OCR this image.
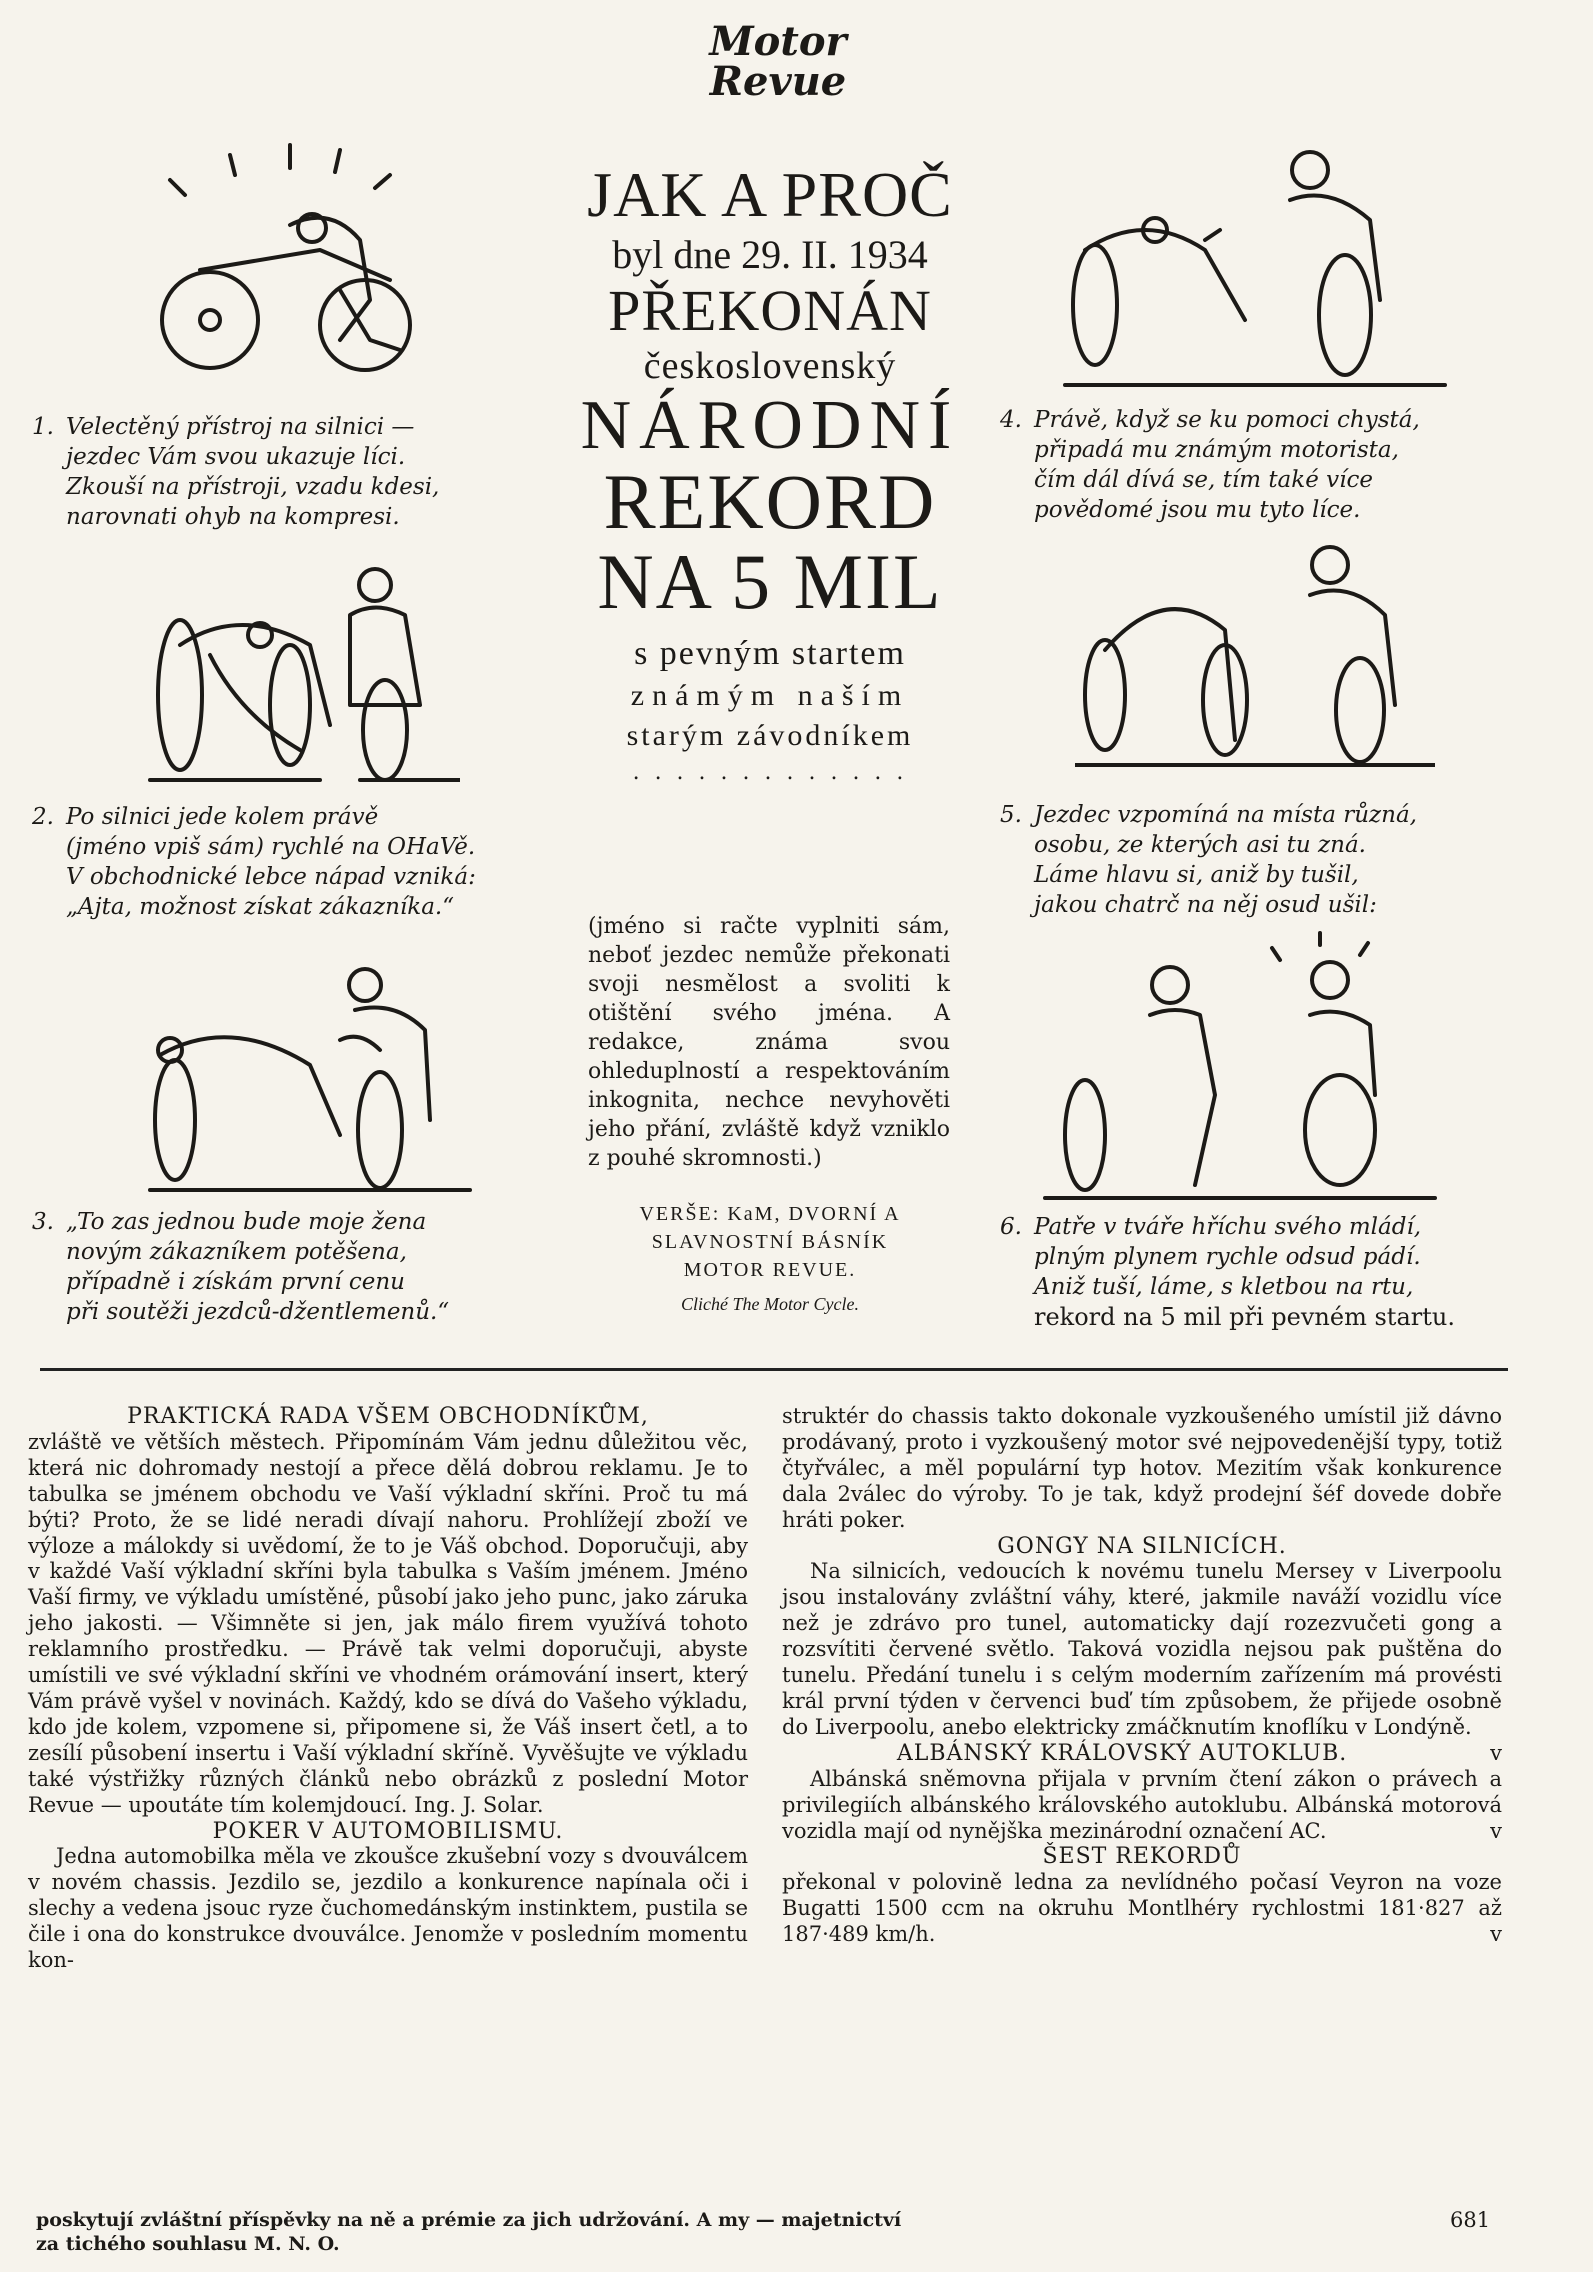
Motor
Revue
1. Velectěný přístroj na silnici —
jezdec Vám svou ukazuje líci.
Zkouší na přístroji, vzadu kdesi,
narovnati ohyb na kompresi.
2. Po silnici jede kolem právě
(jméno vpiš sám) rychlé na OHaVě.
V obchodnické lebce nápad vzniká:
„Ajta, možnost získat zákazníka.“
3. „To zas jednou bude moje žena
novým zákazníkem potěšena,
případně i získám první cenu
při soutěži jezdců-džentlemenů.“
4. Právě, když se ku pomoci chystá,
připadá mu známým motorista,
čím dál dívá se, tím také více
povědomé jsou mu tyto líce.
5. Jezdec vzpomíná na místa různá,
osobu, ze kterých asi tu zná.
Láme hlavu si, aniž by tušil,
jakou chatrč na něj osud ušil:
6. Patře v tváře hříchu svého mládí,
plným plynem rychle odsud pádí.
Aniž tuší, láme, s kletbou na rtu,
rekord na 5 mil při pevném startu.
JAK A PROČ
byl dne 29. II. 1934
PŘEKONÁN
československý
NÁRODNÍ
REKORD
NA 5 MIL
s pevným startem
známým naším
starým závodníkem
. . . . . . . . . . . . .
(jméno si račte vyplniti sám, neboť jezdec nemůže překonati svoji nesmělost a svoliti k otištění svého jména. A redakce, známa svou ohleduplností a respektováním inkognita, nechce nevyhověti jeho přání, zvláště když vzniklo z pouhé skromnosti.)
VERŠE: KaM, DVORNÍ A
SLAVNOSTNÍ BÁSNÍK
MOTOR REVUE.
Cliché The Motor Cycle.

PRAKTICKÁ RADA VŠEM OBCHODNÍKŮM,

zvláště ve větších městech. Připomínám Vám jednu důležitou věc, která nic dohromady nestojí a přece dělá dobrou reklamu. Je to tabulka se jménem obchodu ve Vaší výkladní skříni. Proč tu má býti? Proto, že se lidé neradi dívají nahoru. Prohlížejí zboží ve výloze a málokdy si uvědomí, že to je Váš obchod. Doporučuji, aby v každé Vaší výkladní skříni byla tabulka s Vaším jménem. Jméno Vaší firmy, ve výkladu umístěné, působí jako jeho punc, jako záruka jeho jakosti. — Všimněte si jen, jak málo firem využívá tohoto reklamního prostředku. — Právě tak velmi doporučuji, abyste umístili ve své výkladní skříni ve vhodném orámování insert, který Vám právě vyšel v novinách. Každý, kdo se dívá do Vašeho výkladu, kdo jde kolem, vzpomene si, připomene si, že Váš insert četl, a to zesílí působení insertu i Vaší výkladní skříně. Vyvěšujte ve výkladu také výstřižky různých článků nebo obrázků z poslední Motor Revue — upoutáte tím kolemjdoucí. Ing. J. Solar.

POKER V AUTOMOBILISMU.

Jedna automobilka měla ve zkoušce zkušební vozy s dvouválcem v novém chassis. Jezdilo se, jezdilo a konkurence napínala oči i slechy a vedena jsouc ryze čuchomedánským instinktem, pustila se čile i ona do konstrukce dvouválce. Jenomže v posledním momentu kon-

struktér do chassis takto dokonale vyzkoušeného umístil již dávno prodávaný, proto i vyzkoušený motor své nejpovedenější typy, totiž čtyřválec, a měl populární typ hotov. Mezitím však konkurence dala 2válec do výroby. To je tak, když prodejní šéf dovede dobře hráti poker.

GONGY NA SILNICÍCH.

Na silnicích, vedoucích k novému tunelu Mersey v Liverpoolu jsou instalovány zvláštní váhy, které, jakmile naváží vozidlu více než je zdrávo pro tunel, automaticky dají rozezvučeti gong a rozsvítiti červené světlo. Taková vozidla nejsou pak puštěna do tunelu. Předání tunelu i s celým moderním zařízením má provésti král první týden v červenci buď tím způsobem, že přijede osobně do Liverpoolu, anebo elektricky zmáčknutím knoflíku v Londýně.
v

ALBÁNSKÝ KRÁLOVSKÝ AUTOKLUB.

Albánská sněmovna přijala v prvním čtení zákon o právech a privilegiích albánského královského autoklubu. Albánská motorová vozidla mají od nynějška mezinárodní označení AC.	v

ŠEST REKORDŮ

překonal v polovině ledna za nevlídného počasí Veyron na voze Bugatti 1500 ccm na okruhu Montlhéry rychlostmi 181·827 až 187·489 km/h.	v

poskytují zvláštní příspěvky na ně a prémie za jich udržování. A my — majetnictví
za tichého souhlasu M. N. O.
681
